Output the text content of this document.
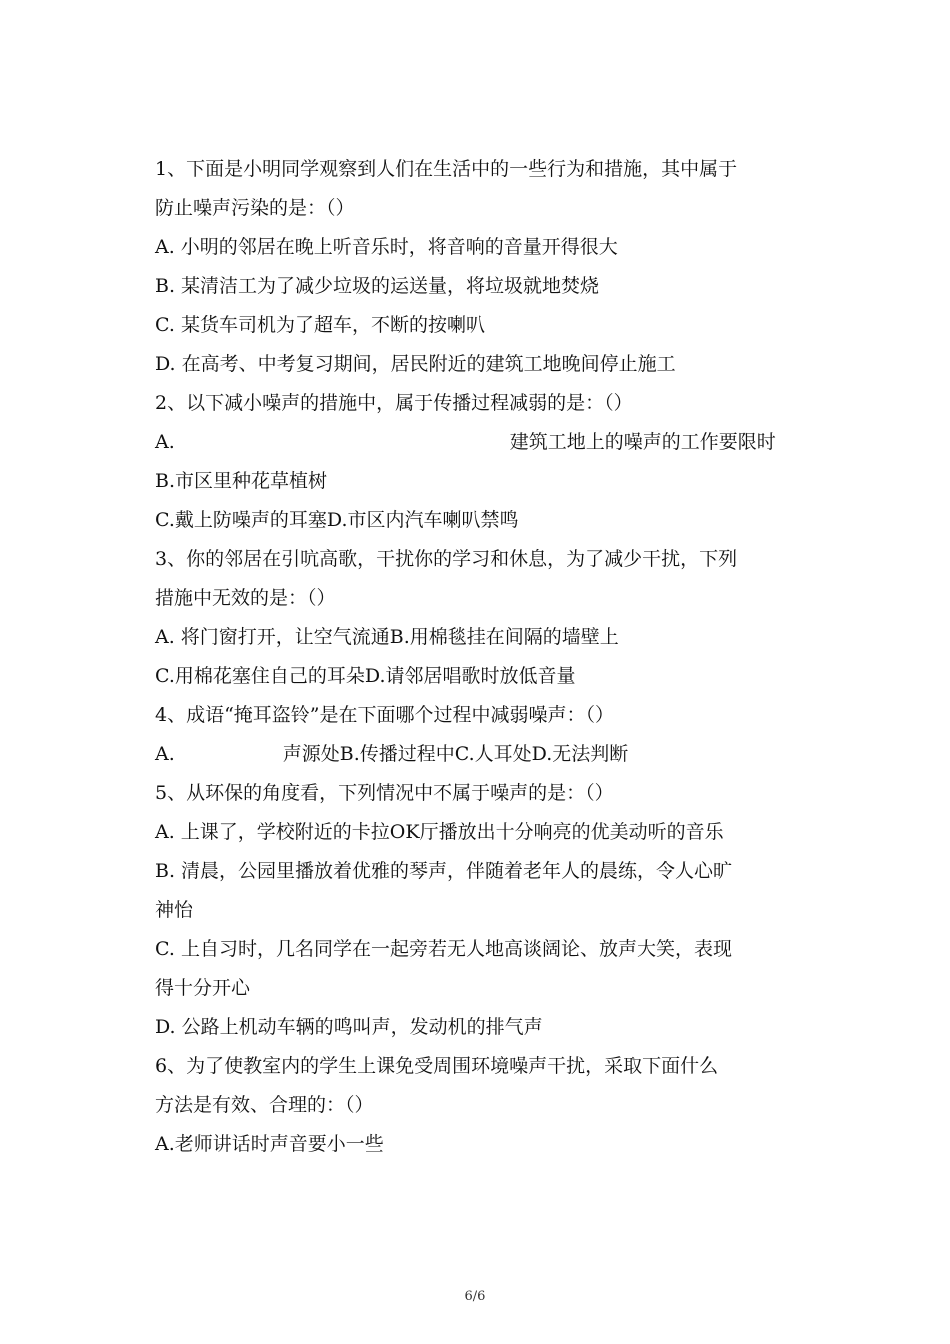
1、下面是小明同学观察到人们在生活中的一些行为和措施，其中属于
防止噪声污染的是：（）
A. 小明的邻居在晚上听音乐时，将音响的音量开得很大
B. 某清洁工为了减少垃圾的运送量，将垃圾就地焚烧
C. 某货车司机为了超车，不断的按喇叭
D. 在高考、中考复习期间，居民附近的建筑工地晚间停止施工
2、以下减小噪声的措施中，属于传播过程减弱的是：（）
A.	建筑工地上的噪声的工作要限时
B.市区里种花草植树
C.戴上防噪声的耳塞D.市区内汽车喇叭禁鸣
3、你的邻居在引吭高歌，干扰你的学习和休息，为了减少干扰，下列
措施中无效的是：（）
A. 将门窗打开，让空气流通B.用棉毯挂在间隔的墙壁上
C.用棉花塞住自己的耳朵D.请邻居唱歌时放低音量
4、成语“掩耳盗铃”是在下面哪个过程中减弱噪声：（）
A.	声源处B.传播过程中C.人耳处D.无法判断
5、从环保的角度看，下列情况中不属于噪声的是：（）
A. 上课了，学校附近的卡拉OK厅播放出十分响亮的优美动听的音乐
B. 清晨，公园里播放着优雅的琴声，伴随着老年人的晨练，令人心旷
神怡
C. 上自习时，几名同学在一起旁若无人地高谈阔论、放声大笑，表现
得十分开心
D. 公路上机动车辆的鸣叫声，发动机的排气声
6、为了使教室内的学生上课免受周围环境噪声干扰，采取下面什么
方法是有效、合理的：（）
A.老师讲话时声音要小一些
6/6
